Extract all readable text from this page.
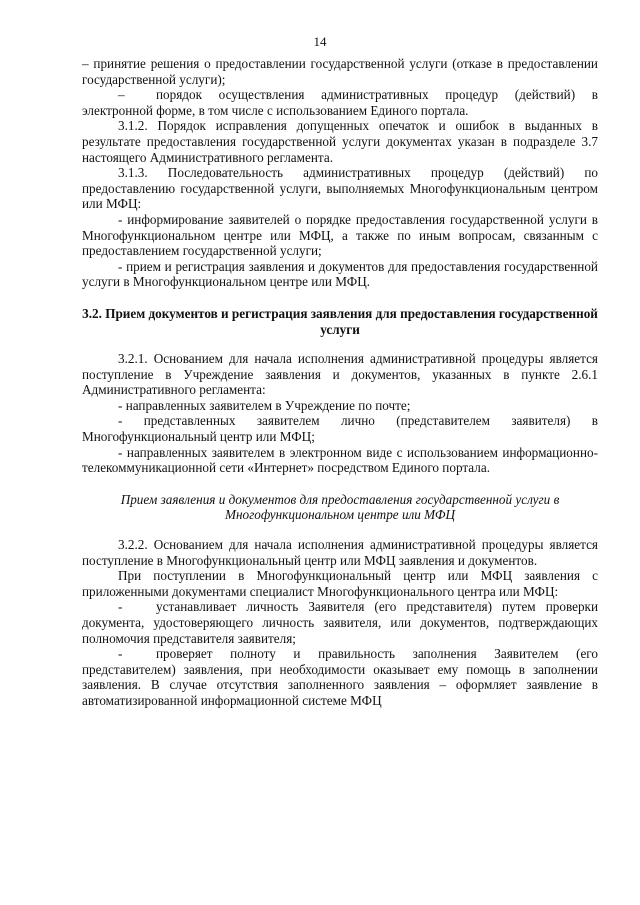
14

– принятие решения о предоставлении государственной услуги (отказе в предоставлении государственной услуги);

– порядок осуществления административных процедур (действий) в электронной форме, в том числе с использованием Единого портала.

3.1.2. Порядок исправления допущенных опечаток и ошибок в выданных в результате предоставления государственной услуги документах указан в подразделе 3.7 настоящего Административного регламента.

3.1.3. Последовательность административных процедур (действий) по предоставлению государственной услуги, выполняемых Многофункциональным центром или МФЦ:

- информирование заявителей о порядке предоставления государственной услуги в Многофункциональном центре или МФЦ, а также по иным вопросам, связанным с предоставлением государственной услуги;

- прием и регистрация заявления и документов для предоставления государственной услуги в Многофункциональном центре или МФЦ.

3.2. Прием документов и регистрация заявления для предоставления государственной услуги

3.2.1. Основанием для начала исполнения административной процедуры является поступление в Учреждение заявления и документов, указанных в пункте 2.6.1 Административного регламента:

- направленных заявителем в Учреждение по почте;

- представленных заявителем лично (представителем заявителя) в Многофункциональный центр или МФЦ;

- направленных заявителем в электронном виде с использованием информационно-телекоммуникационной сети «Интернет» посредством Единого портала.

Прием заявления и документов для предоставления государственной услуги в Многофункциональном центре или МФЦ

3.2.2. Основанием для начала исполнения административной процедуры является поступление в Многофункциональный центр или МФЦ заявления и документов.

При поступлении в Многофункциональный центр или МФЦ заявления с приложенными документами специалист Многофункционального центра или МФЦ:

-	устанавливает личность Заявителя (его представителя) путем проверки документа, удостоверяющего личность заявителя, или документов, подтверждающих полномочия представителя заявителя;

-	проверяет полноту и правильность заполнения Заявителем (его представителем) заявления, при необходимости оказывает ему помощь в заполнении заявления. В случае отсутствия заполненного заявления – оформляет заявление в автоматизированной информационной системе МФЦ
